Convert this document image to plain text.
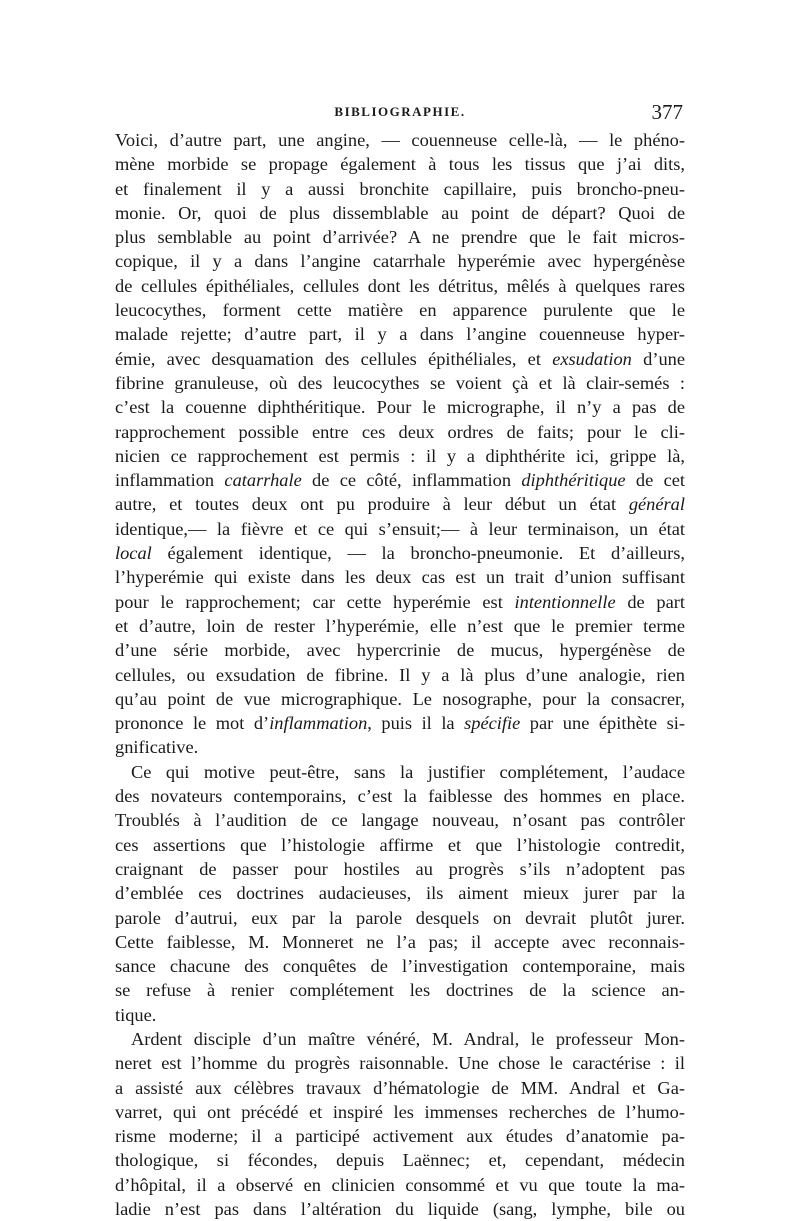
BIBLIOGRAPHIE.	377
Voici, d’autre part, une angine, — couenneuse celle-là, — le phéno-
mène morbide se propage également à tous les tissus que j’ai dits,
et finalement il y a aussi bronchite capillaire, puis broncho-pneu-
monie. Or, quoi de plus dissemblable au point de départ? Quoi de
plus semblable au point d’arrivée? A ne prendre que le fait micros-
copique, il y a dans l’angine catarrhale hyperémie avec hypergénèse
de cellules épithéliales, cellules dont les détritus, mêlés à quelques rares
leucocythes, forment cette matière en apparence purulente que le
malade rejette; d’autre part, il y a dans l’angine couenneuse hyper-
émie, avec desquamation des cellules épithéliales, et exsudation d’une
fibrine granuleuse, où des leucocythes se voient çà et là clair-semés :
c’est la couenne diphthéritique. Pour le micrographe, il n’y a pas de
rapprochement possible entre ces deux ordres de faits; pour le cli-
nicien ce rapprochement est permis : il y a diphthérite ici, grippe là,
inflammation catarrhale de ce côté, inflammation diphthéritique de cet
autre, et toutes deux ont pu produire à leur début un état général
identique,— la fièvre et ce qui s’ensuit;— à leur terminaison, un état
local également identique, — la broncho-pneumonie. Et d’ailleurs,
l’hyperémie qui existe dans les deux cas est un trait d’union suffisant
pour le rapprochement; car cette hyperémie est intentionnelle de part
et d’autre, loin de rester l’hyperémie, elle n’est que le premier terme
d’une série morbide, avec hypercrinie de mucus, hypergénèse de
cellules, ou exsudation de fibrine. Il y a là plus d’une analogie, rien
qu’au point de vue micrographique. Le nosographe, pour la consacrer,
prononce le mot d’inflammation, puis il la spécifie par une épithète si-
gnificative.
Ce qui motive peut-être, sans la justifier complétement, l’audace
des novateurs contemporains, c’est la faiblesse des hommes en place.
Troublés à l’audition de ce langage nouveau, n’osant pas contrôler
ces assertions que l’histologie affirme et que l’histologie contredit,
craignant de passer pour hostiles au progrès s’ils n’adoptent pas
d’emblée ces doctrines audacieuses, ils aiment mieux jurer par la
parole d’autrui, eux par la parole desquels on devrait plutôt jurer.
Cette faiblesse, M. Monneret ne l’a pas; il accepte avec reconnais-
sance chacune des conquêtes de l’investigation contemporaine, mais
se refuse à renier complétement les doctrines de la science an-
tique.
Ardent disciple d’un maître vénéré, M. Andral, le professeur Mon-
neret est l’homme du progrès raisonnable. Une chose le caractérise : il
a assisté aux célèbres travaux d’hématologie de MM. Andral et Ga-
varret, qui ont précédé et inspiré les immenses recherches de l’humo-
risme moderne; il a participé activement aux études d’anatomie pa-
thologique, si fécondes, depuis Laënnec; et, cependant, médecin
d’hôpital, il a observé en clinicien consommé et vu que toute la ma-
ladie n’est pas dans l’altération du liquide (sang, lymphe, bile ou
